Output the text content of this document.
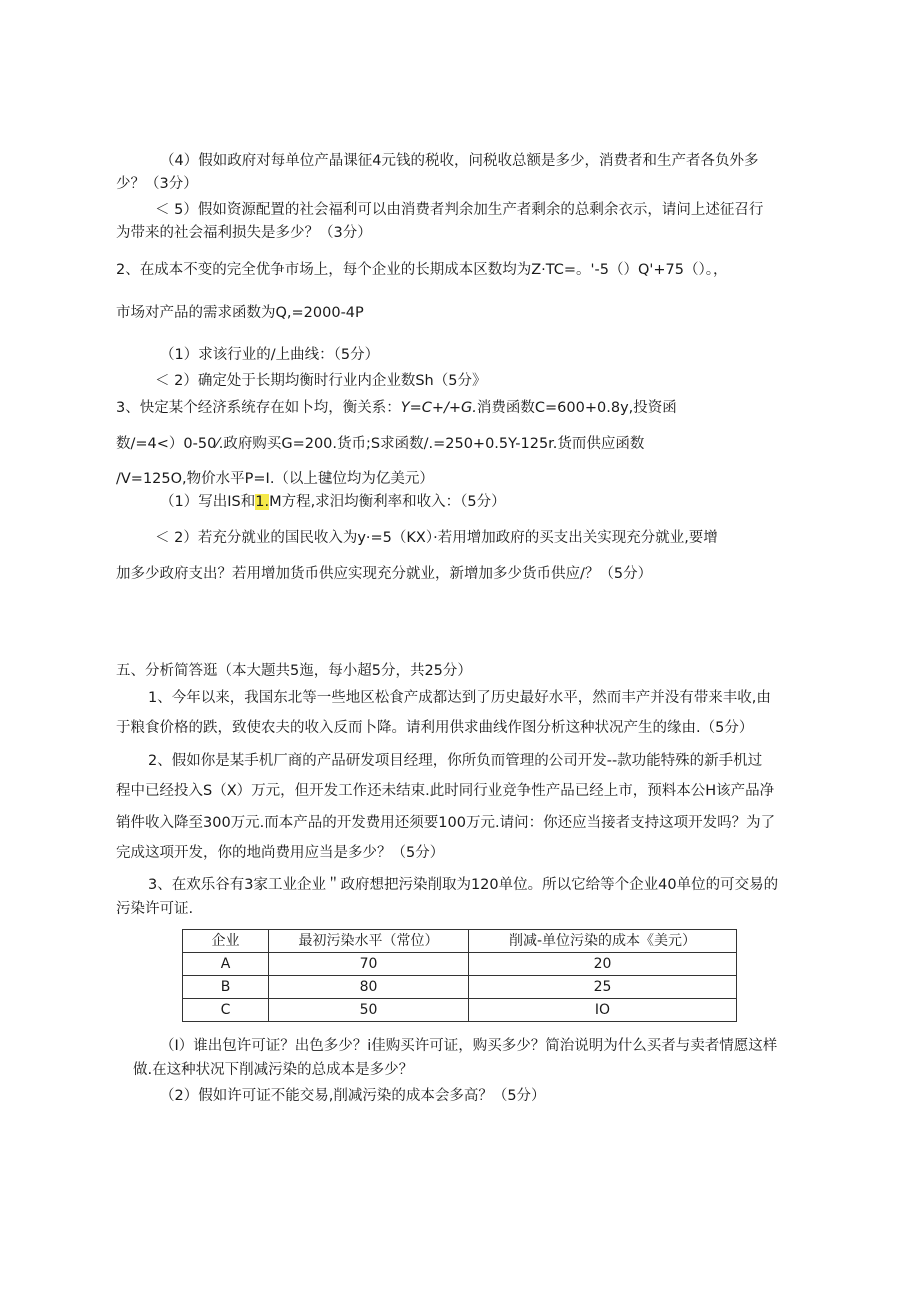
（4）假如政府对每单位产晶课征4元钱的税收，问税收总额是多少，消费者和生产者各负外多
少？（3分）
＜ 5）假如资源配置的社会福利可以由消费者判余加生产者剩余的总剩余衣示，请问上述征召行
为带来的社会福利损失是多少？（3分）
2、在成本不变的完全优争市场上，每个企业的长期成本区数均为Z·TC=。'-5（）Q'+75（）。，
市场对产品的需求函数为Q,=2000-4P
（1）求该行业的/上曲线：（5分）
＜ 2）确定处于长期均衡时行业内企业数Sh（5分》
3、快定某个经济系统存在如卜均，衡关系：Y=C+/+G.消费函数C=600+0.8y,投资函
数/=4<）0-50⁄.政府购买G=200.货币;S求函数/.=250+0.5Y-125r.货而供应函数
/V=125O,物价水平P=I.（以上毽位均为亿美元）
（1）写出IS和1.M方程,求汨均衡利率和收入：（5分）
＜ 2）若充分就业的国民收入为y·=5（KX）·若用增加政府的买支出关实现充分就业,要增
加多少政府支出？若用增加货币供应实现充分就业，新增加多少货币供应/？（5分）
五、分析简答逛（本大题共5迤，每小超5分，共25分）
1、今年以来，我国东北等一些地区松食产成都达到了历史最好水平，然而丰产并没有带来丰收,由
于粮食价格的跌，致使农夫的收入反而卜降。请利用供求曲线作图分析这种状况产生的缘由.（5分）
2、假如你是某手机厂商的产品研发项目经理，你所负而管理的公司开发--款功能特殊的新手机过
程中已经投入S（X）万元，但开发工作还未结束.此时同行业竞争性产品已经上市，预料本公H该产品净
销件收入降至300万元.而本产品的开发费用还须要100万元.请问：你还应当接者支持这项开发吗？为了
完成这项开发，你的地尚费用应当是多少？（5分）
3、在欢乐谷有3家工业企业＂政府想把污染削取为120单位。所以它给等个企业40单位的可交易的
污染许可证.
企业	最初污染水平（常位）	削减-单位污染的成本《美元）
A	70	20
B	80	25
C	50	IO
（I）谁出包许可证？出色多少？i佳购买许可证，购买多少？简治说明为什么买者与卖者情愿这样
做.在这种状况下削减污染的总成本是多少？
（2）假如许可证不能交易,削减污染的成本会多高？（5分）
